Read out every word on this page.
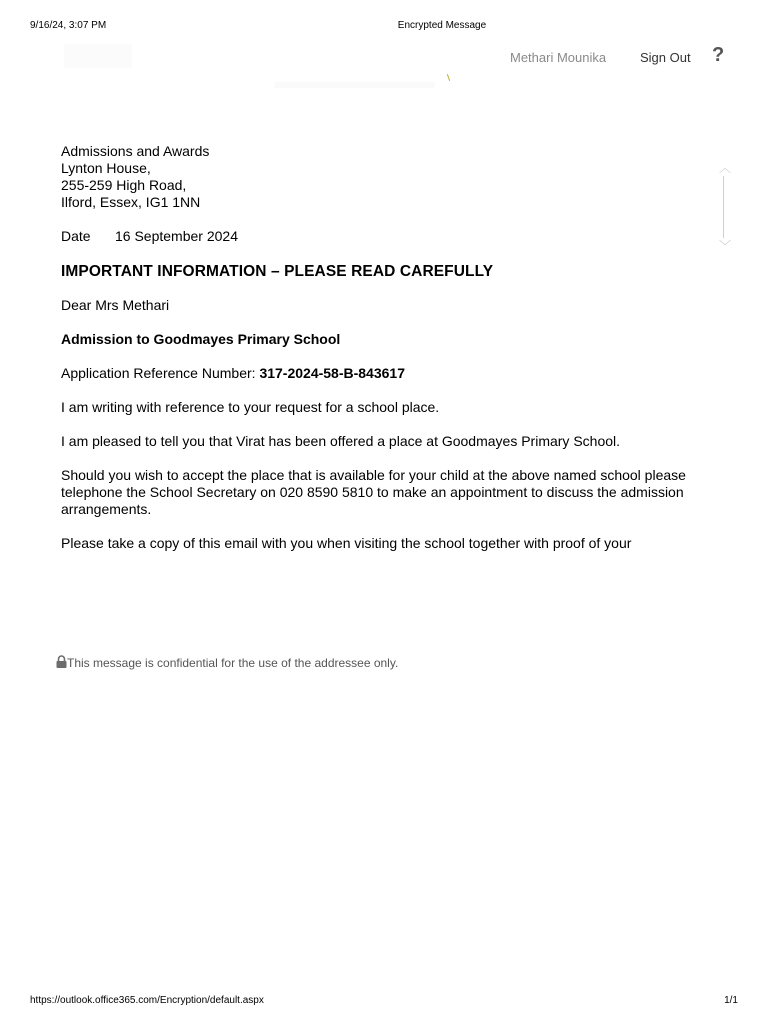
9/16/24, 3:07 PM	Encrypted Message
Methari Mounika	Sign Out ?
︿
﹀
Admissions and Awards
Lynton House,
255-259 High Road,
Ilford, Essex, IG1 1NN
Date 16 September 2024
IMPORTANT INFORMATION – PLEASE READ CAREFULLY
Dear Mrs Methari
Admission to Goodmayes Primary School
Application Reference Number: 317-2024-58-B-843617
I am writing with reference to your request for a school place.
I am pleased to tell you that Virat has been offered a place at Goodmayes Primary School.
Should you wish to accept the place that is available for your child at the above named school please telephone the School Secretary on 020 8590 5810 to make an appointment to discuss the admission arrangements.
Please take a copy of this email with you when visiting the school together with proof of your
This message is confidential for the use of the addressee only.
https://outlook.office365.com/Encryption/default.aspx	1/1
